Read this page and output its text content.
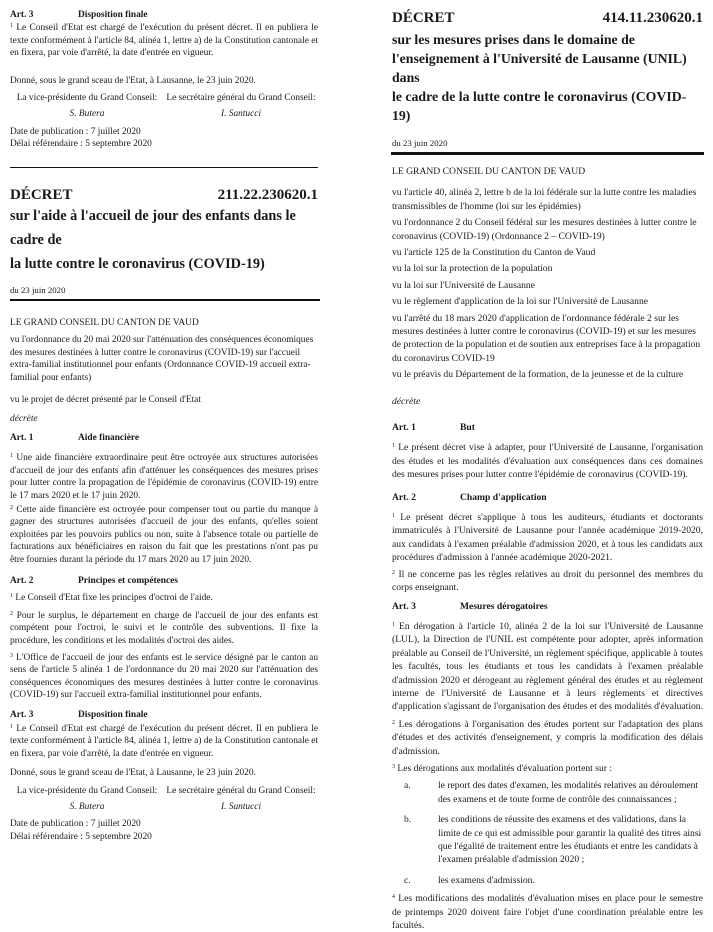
Art. 3	Disposition finale
$^1$ Le Conseil d'Etat est chargé de l'exécution du présent décret. Il en publiera le texte conformément à l'article 84, alinéa 1, lettre a) de la Constitution cantonale et en fixera, par voie d'arrêté, la date d'entrée en vigueur.
Donné, sous le grand sceau de l'Etat, à Lausanne, le 23 juin 2020.
La vice-présidente du Grand Conseil: Le secrétaire général du Grand Conseil:
S. Butera	I. Santucci
Date de publication : 7 juillet 2020
Délai référendaire : 5 septembre 2020
DÉCRET	211.22.230620.1
sur l'aide à l'accueil de jour des enfants dans le cadre de
la lutte contre le coronavirus (COVID-19)
du 23 juin 2020
LE GRAND CONSEIL DU CANTON DE VAUD
vu l'ordonnance du 20 mai 2020 sur l'atténuation des conséquences économiques des mesures destinées à lutter contre le coronavirus (COVID-19) sur l'accueil extra-familial institutionnel pour enfants (Ordonnance COVID-19 accueil extra-familial pour enfants)
vu le projet de décret présenté par le Conseil d'Etat
décrète
Art. 1	Aide financière
$^1$ Une aide financière extraordinaire peut être octroyée aux structures autorisées d'accueil de jour des enfants afin d'atténuer les conséquences des mesures prises pour lutter contre la propagation de l'épidémie de coronavirus (COVID-19) entre le 17 mars 2020 et le 17 juin 2020.
$^2$ Cette aide financière est octroyée pour compenser tout ou partie du manque à gagner des structures autorisées d'accueil de jour des enfants, qu'elles soient exploitées par les pouvoirs publics ou non, suite à l'absence totale ou partielle de facturations aux bénéficiaires en raison du fait que les prestations n'ont pas pu être fournies durant la période du 17 mars 2020 au 17 juin 2020.
Art. 2	Principes et compétences
$^1$ Le Conseil d'Etat fixe les principes d'octroi de l'aide.
$^2$ Pour le surplus, le département en charge de l'accueil de jour des enfants est compétent pour l'octroi, le suivi et le contrôle des subventions. Il fixe la procédure, les conditions et les modalités d'octroi des aides.
$^3$ L'Office de l'accueil de jour des enfants est le service désigné par le canton au sens de l'article 5 alinéa 1 de l'ordonnance du 20 mai 2020 sur l'atténuation des conséquences économiques des mesures destinées à lutter contre le coronavirus (COVID-19) sur l'accueil extra-familial institutionnel pour enfants.
Art. 3	Disposition finale
$^1$ Le Conseil d'Etat est chargé de l'exécution du présent décret. Il en publiera le texte conformément à l'article 84, alinéa 1, lettre a) de la Constitution cantonale et en fixera, par voie d'arrêté, la date d'entrée en vigueur.
Donné, sous le grand sceau de l'Etat, à Lausanne, le 23 juin 2020.
La vice-présidente du Grand Conseil: Le secrétaire général du Grand Conseil:
S. Butera	I. Santucci
Date de publication : 7 juillet 2020
Délai référendaire : 5 septembre 2020
DÉCRET	414.11.230620.1
sur les mesures prises dans le domaine de
l'enseignement à l'Université de Lausanne (UNIL) dans
le cadre de la lutte contre le coronavirus (COVID-19)
du 23 juin 2020
LE GRAND CONSEIL DU CANTON DE VAUD
vu l'article 40, alinéa 2, lettre b de la loi fédérale sur la lutte contre les maladies transmissibles de l'homme (loi sur les épidémies)
vu l'ordonnance 2 du Conseil fédéral sur les mesures destinées à lutter contre le coronavirus (COVID-19) (Ordonnance 2 – COVID-19)
vu l'article 125 de la Constitution du Canton de Vaud
vu la loi sur la protection de la population
vu la loi sur l'Université de Lausanne
vu le règlement d'application de la loi sur l'Université de Lausanne
vu l'arrêté du 18 mars 2020 d'application de l'ordonnance fédérale 2 sur les mesures destinées à lutter contre le coronavirus (COVID-19) et sur les mesures de protection de la population et de soutien aux entreprises face à la propagation du coronavirus COVID-19
vu le préavis du Département de la formation, de la jeunesse et de la culture
décrète
Art. 1	But
$^1$ Le présent décret vise à adapter, pour l'Université de Lausanne, l'organisation des études et les modalités d'évaluation aux conséquences dans ces domaines des mesures prises pour lutter contre l'épidémie de coronavirus (COVID-19).
Art. 2	Champ d'application
$^1$ Le présent décret s'applique à tous les auditeurs, étudiants et doctorants immatriculés à l'Université de Lausanne pour l'année académique 2019-2020, aux candidats à l'examen préalable d'admission 2020, et à tous les candidats aux procédures d'admission à l'année académique 2020-2021.
$^2$ Il ne concerne pas les règles relatives au droit du personnel des membres du corps enseignant.
Art. 3	Mesures dérogatoires
$^1$ En dérogation à l'article 10, alinéa 2 de la loi sur l'Université de Lausanne (LUL), la Direction de l'UNIL est compétente pour adopter, après information préalable au Conseil de l'Université, un règlement spécifique, applicable à toutes les facultés, tous les étudiants et tous les candidats à l'examen préalable d'admission 2020 et dérogeant au règlement général des études et au règlement interne de l'Université de Lausanne et à leurs règlements et directives d'application s'agissant de l'organisation des études et des modalités d'évaluation.
$^2$ Les dérogations à l'organisation des études portent sur l'adaptation des plans d'études et des activités d'enseignement, y compris la modification des délais d'admission.
$^3$ Les dérogations aux modalités d'évaluation portent sur :
a.	le report des dates d'examen, les modalités relatives au déroulement des examens et de toute forme de contrôle des connaissances ;
b.	les conditions de réussite des examens et des validations, dans la limite de ce qui est admissible pour garantir la qualité des titres ainsi que l'égalité de traitement entre les étudiants et entre les candidats à l'examen préalable d'admission 2020 ;
c.	les examens d'admission.
$^4$ Les modifications des modalités d'évaluation mises en place pour le semestre de printemps 2020 doivent faire l'objet d'une coordination préalable entre les facultés.
